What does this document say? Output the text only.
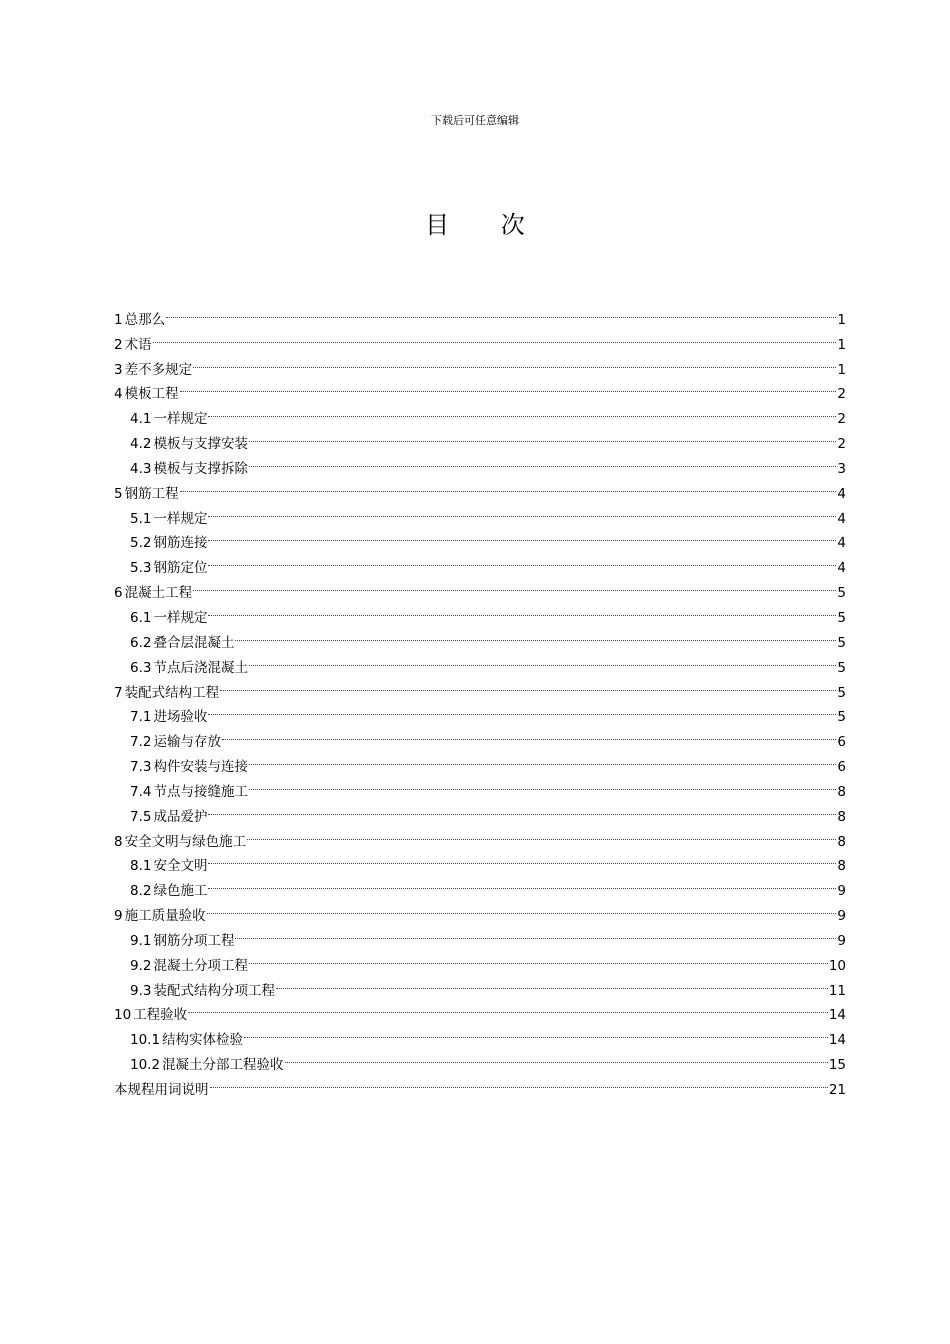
下载后可任意编辑
目 次
1 总那么	1
2 术语	1
3 差不多规定	1
4 模板工程	2
4.1 一样规定	2
4.2 模板与支撑安装	2
4.3 模板与支撑拆除	3
5 钢筋工程	4
5.1 一样规定	4
5.2 钢筋连接	4
5.3 钢筋定位	4
6 混凝土工程	5
6.1 一样规定	5
6.2 叠合层混凝土	5
6.3 节点后浇混凝土	5
7 装配式结构工程	5
7.1 进场验收	5
7.2 运输与存放	6
7.3 构件安装与连接	6
7.4 节点与接缝施工	8
7.5 成品爱护	8
8 安全文明与绿色施工	8
8.1 安全文明	8
8.2 绿色施工	9
9 施工质量验收	9
9.1 钢筋分项工程	9
9.2 混凝土分项工程	10
9.3 装配式结构分项工程	11
10 工程验收	14
10.1 结构实体检验	14
10.2 混凝土分部工程验收	15
本规程用词说明	21
